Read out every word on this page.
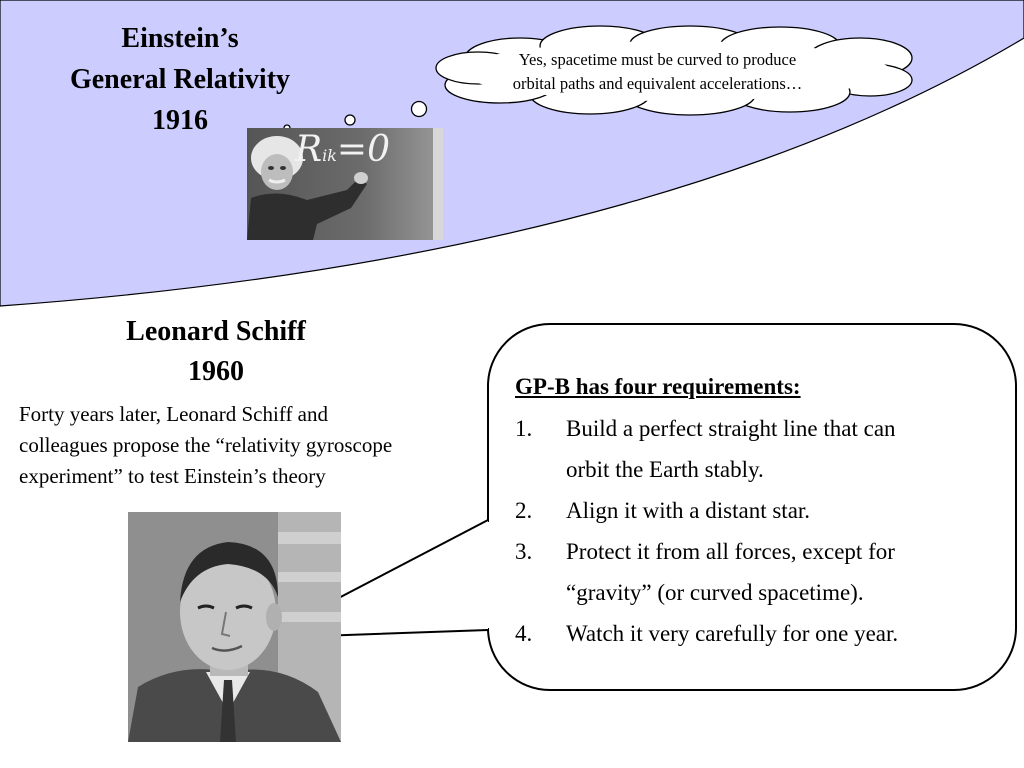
Einstein’s
General Relativity
1916
Yes, spacetime must be curved to produce
orbital paths and equivalent accelerations…
Rik=0
Leonard Schiff
1960
Forty years later, Leonard Schiff and
colleagues propose the “relativity gyroscope
experiment” to test Einstein’s theory
GP-B has four requirements:
1. Build a perfect straight line that can
orbit the Earth stably.
2. Align it with a distant star.
3. Protect it from all forces, except for
“gravity” (or curved spacetime).
4. Watch it very carefully for one year.
